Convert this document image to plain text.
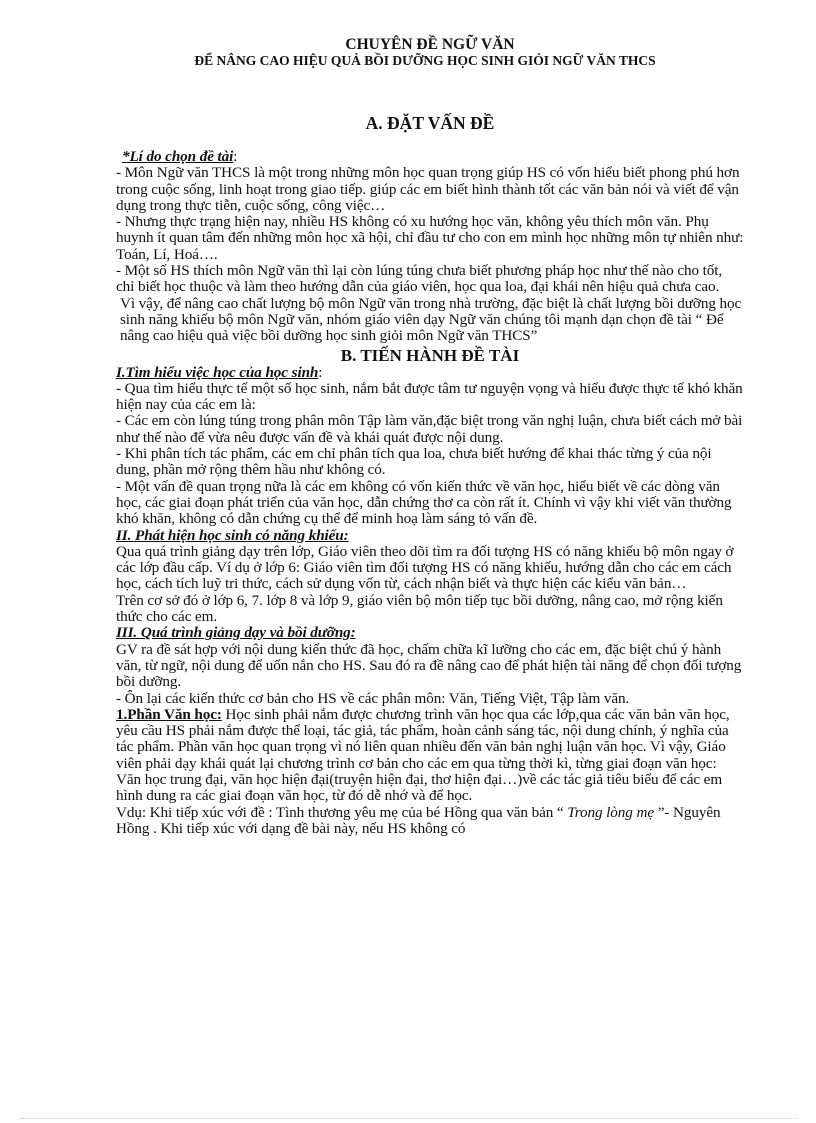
CHUYÊN ĐỀ NGỮ VĂN
ĐỂ NÂNG CAO HIỆU QUẢ BỒI DƯỠNG HỌC SINH GIỎI NGỮ VĂN THCS
A. ĐẶT VẤN ĐỀ

*Lí do chọn đề tài:

- Môn Ngữ văn THCS là một trong những môn học quan trọng giúp HS có vốn hiểu biết phong phú hơn trong cuộc sống, linh hoạt trong giao tiếp. giúp các em biết hình thành tốt các văn bản nói và viết để vận dụng trong thực tiễn, cuộc sống, công việc…

- Nhưng thực trạng hiện nay, nhiều HS không có xu hướng học văn, không yêu thích môn văn. Phụ huynh ít quan tâm đến những môn học xã hội, chỉ đầu tư cho con em mình học những môn tự nhiên như: Toán, Lí, Hoá….

- Một số HS thích môn Ngữ văn thì lại còn lúng túng chưa biết phương pháp học như thế nào cho tốt, chỉ biết học thuộc và làm theo hướng dẫn của giáo viên, học qua loa, đại khái nên hiệu quả chưa cao.

Vì vậy, để nâng cao chất lượng bộ môn Ngữ văn trong nhà trường, đặc biệt là chất lượng bồi dưỡng học sinh năng khiếu bộ môn Ngữ văn, nhóm giáo viên dạy Ngữ văn chúng tôi mạnh dạn chọn đề tài “ Để nâng cao hiệu quả việc bồi dưỡng học sinh giỏi môn Ngữ văn THCS”

B. TIẾN HÀNH ĐỀ TÀI

I.Tìm hiểu việc học của học sinh:

- Qua tìm hiểu thực tế một số học sinh, nắm bắt được tâm tư nguyện vọng và hiểu được thực tế khó khăn hiện nay của các em là:

- Các em còn lúng túng trong phân môn Tập làm văn,đặc biệt trong văn nghị luận, chưa biết cách mở bài như thế nào để vừa nêu được vấn đề và khái quát được nội dung.

- Khi phân tích tác phẩm, các em chỉ phân tích qua loa, chưa biết hướng để khai thác từng ý của nội dung, phần mở rộng thêm hầu như không có.

- Một vấn đề quan trọng nữa là các em không có vốn kiến thức về văn học, hiểu biết về các dòng văn học, các giai đoạn phát triển của văn học, dẫn chứng thơ ca còn rất ít. Chính vì vậy khi viết văn thường khó khăn, không có dẫn chứng cụ thể để minh hoạ làm sáng tỏ vấn đề.

II. Phát hiện học sinh có năng khiếu:

Qua quá trình giảng dạy trên lớp, Giáo viên theo dõi tìm ra đối tượng HS có năng khiếu bộ môn ngay ở các lớp đầu cấp. Ví dụ ở lớp 6: Giáo viên tìm đối tượng HS có năng khiếu, hướng dẫn cho các em cách học, cách tích luỹ tri thức, cách sử dụng vốn từ, cách nhận biết và thực hiện các kiểu văn bản…

Trên cơ sở đó ở lớp 6, 7. lớp 8 và lớp 9, giáo viên bộ môn tiếp tục bồi dưỡng, nâng cao, mở rộng kiến thức cho các em.

III. Quá trình giảng dạy và bồi dưỡng:

GV ra đề sát hợp với nội dung kiến thức đã học, chấm chữa kĩ lưỡng cho các em, đặc biệt chú ý hành văn, từ ngữ, nội dung để uốn nắn cho HS. Sau đó ra đề nâng cao để phát hiện tài năng để chọn đối tượng bồi dưỡng.

- Ôn lại các kiến thức cơ bản cho HS về các phân môn: Văn, Tiếng Việt, Tập làm văn.

1.Phần Văn học: Học sinh phải nắm được chương trình văn học qua các lớp,qua các văn bản văn học, yêu cầu HS phải nắm được thể loại, tác giả, tác phẩm, hoàn cảnh sáng tác, nội dung chính, ý nghĩa của tác phẩm. Phần văn học quan trọng vì nó liên quan nhiều đến văn bản nghị luận văn học. Vì vậy, Giáo viên phải dạy khái quát lại chương trình cơ bản cho các em qua từng thời kì, từng giai đoạn văn học:

Văn học trung đại, văn học hiện đại(truyện hiện đại, thơ hiện đại…)về các tác giả tiêu biểu để các em hình dung ra các giai đoạn văn học, từ đó dễ nhớ và để học.

Vdụ: Khi tiếp xúc với đề : Tình thương yêu mẹ của bé Hồng qua văn bản “ Trong lòng mẹ ”- Nguyên Hồng . Khi tiếp xúc với dạng đề bài này, nếu HS không có
